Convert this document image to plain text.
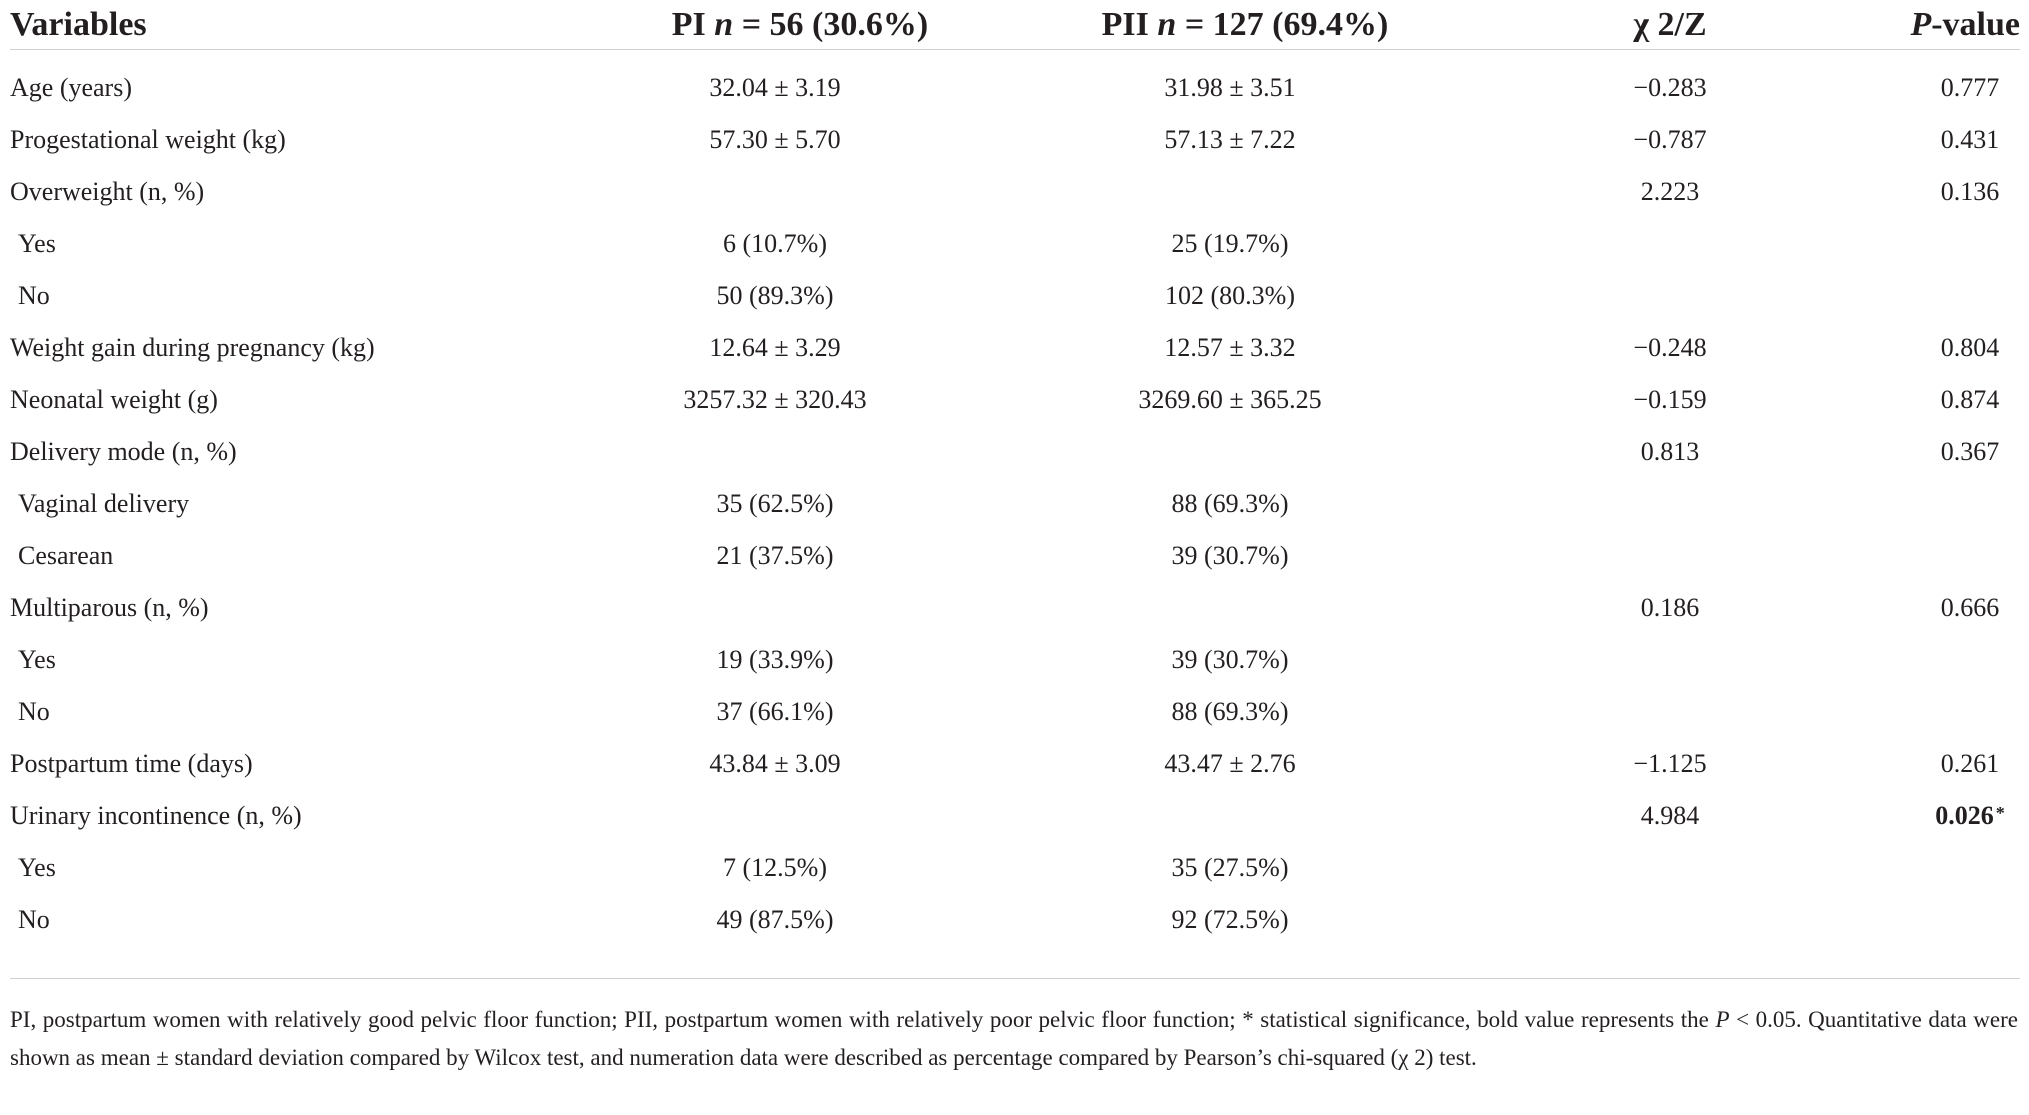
Variables	PI n = 56 (30.6%)	PII n = 127 (69.4%)	χ 2/Z	P-value

Age (years)	32.04 ± 3.19	31.98 ± 3.51	−0.283	0.777
Progestational weight (kg)	57.30 ± 5.70	57.13 ± 7.22	−0.787	0.431
Overweight (n, %)			2.223	0.136
Yes	6 (10.7%)	25 (19.7%)		
No	50 (89.3%)	102 (80.3%)		
Weight gain during pregnancy (kg)	12.64 ± 3.29	12.57 ± 3.32	−0.248	0.804
Neonatal weight (g)	3257.32 ± 320.43	3269.60 ± 365.25	−0.159	0.874
Delivery mode (n, %)			0.813	0.367
Vaginal delivery	35 (62.5%)	88 (69.3%)		
Cesarean	21 (37.5%)	39 (30.7%)		
Multiparous (n, %)			0.186	0.666
Yes	19 (33.9%)	39 (30.7%)		
No	37 (66.1%)	88 (69.3%)		
Postpartum time (days)	43.84 ± 3.09	43.47 ± 2.76	−1.125	0.261
Urinary incontinence (n, %)			4.984	0.026 *
Yes	7 (12.5%)	35 (27.5%)		
No	49 (87.5%)	92 (72.5%)		
PI, postpartum women with relatively good pelvic floor function; PII, postpartum women with relatively poor pelvic floor function; * statistical significance, bold value represents the P < 0.05. Quantitative data were shown as mean ± standard deviation compared by Wilcox test, and numeration data were described as percentage compared by Pearson’s chi-squared (χ 2) test.
